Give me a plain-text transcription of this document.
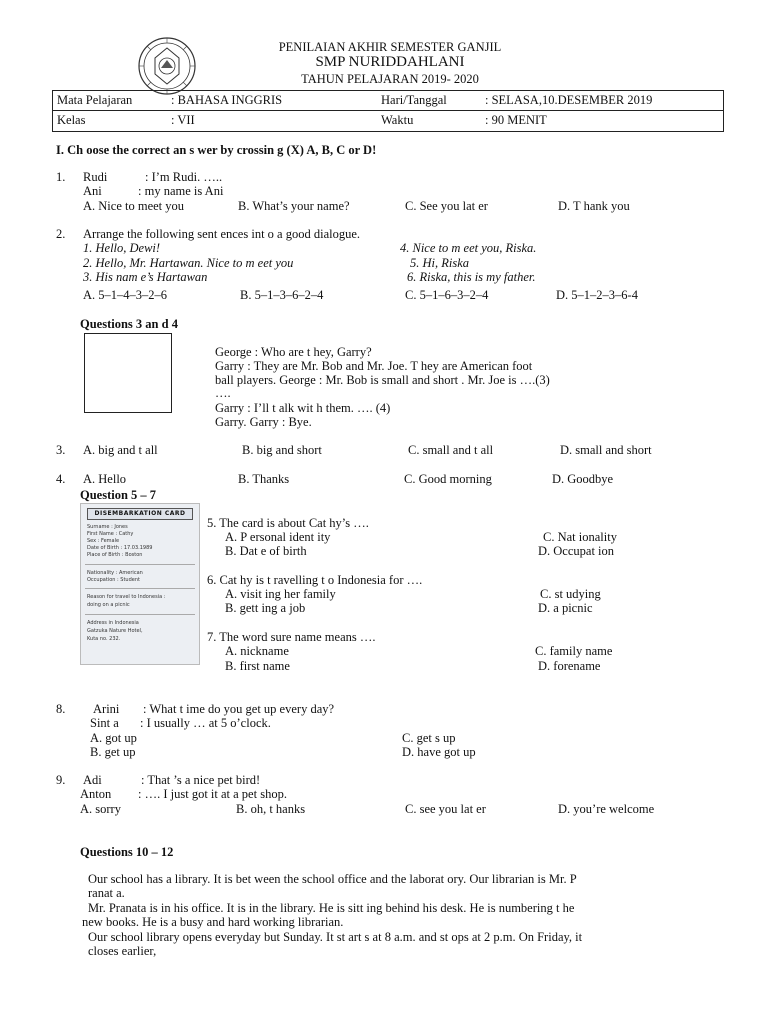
PENILAIAN AKHIR SEMESTER GANJIL
SMP NURIDDAHLANI
TAHUN PELAJARAN 2019- 2020
Mata Pelajaran	: BAHASA INGGRIS	Hari/Tanggal	: SELASA,10.DESEMBER 2019
Kelas	: VII	Waktu	: 90 MENIT
I. Ch oose the correct an s wer by crossin g (X) A, B, C or D!
1. Rudi	: I’m Rudi. …..
Ani	: my name is Ani
A. Nice to meet you	B. What’s your name?	C. See you lat er	D. T hank you
2. Arrange the following sent ences int o a good dialogue.
1. Hello, Dewi!	4. Nice to m eet you, Riska.
2. Hello, Mr. Hartawan. Nice to m eet you	5. Hi, Riska
3. His nam e’s Hartawan	6. Riska, this is my father.
A. 5–1–4–3–2–6	B. 5–1–3–6–2–4	C. 5–1–6–3–2–4	D. 5–1–2–3–6-4
Questions 3 an d 4
George : Who are t hey, Garry?
Garry : They are Mr. Bob and Mr. Joe. T hey are American foot
ball players. George : Mr. Bob is small and short . Mr. Joe is ….(3)
….
Garry : I’ll t alk wit h them. …. (4)
Garry. Garry : Bye.
3. A. big and t all	B. big and short	C. small and t all	D. small and short
4. A. Hello	B. Thanks	C. Good morning	D. Goodbye
Question 5 – 7
DISEMBARKATION CARD
Surname : Jones
First Name : Cathy
Sex : Female
Date of Birth : 17.03.1989
Place of Birth : Boston
Nationality : American
Occupation : Student
Reason for travel to Indonesia :
doing on a picnic
Address in Indonesia
Gatzuka Nature Hotel,
Kuta no. 232.
5. The card is about Cat hy’s ….
A. P ersonal ident ity	C. Nat ionality
B. Dat e of birth	D. Occupat ion
6. Cat hy is t ravelling t o Indonesia for ….
A. visit ing her family	C. st udying
B. gett ing a job	D. a picnic
7. The word sure name means ….
A. nickname	C. family name
B. first name	D. forename
8. Arini : What t ime do you get up every day?
Sint a : I usually … at 5 o’clock.
A. got up	C. get s up
B. get up	D. have got up
9. Adi	: That ’s a nice pet bird!
Anton : …. I just got it at a pet shop.
A. sorry	B. oh, t hanks	C. see you lat er	D. you’re welcome
Questions 10 – 12
Our school has a library. It is bet ween the school office and the laborat ory. Our librarian is Mr. P
ranat a.
Mr. Pranata is in his office. It is in the library. He is sitt ing behind his desk. He is numbering t he
new books. He is a busy and hard working librarian.
Our school library opens everyday but Sunday. It st art s at 8 a.m. and st ops at 2 p.m. On Friday, it
closes earlier,
